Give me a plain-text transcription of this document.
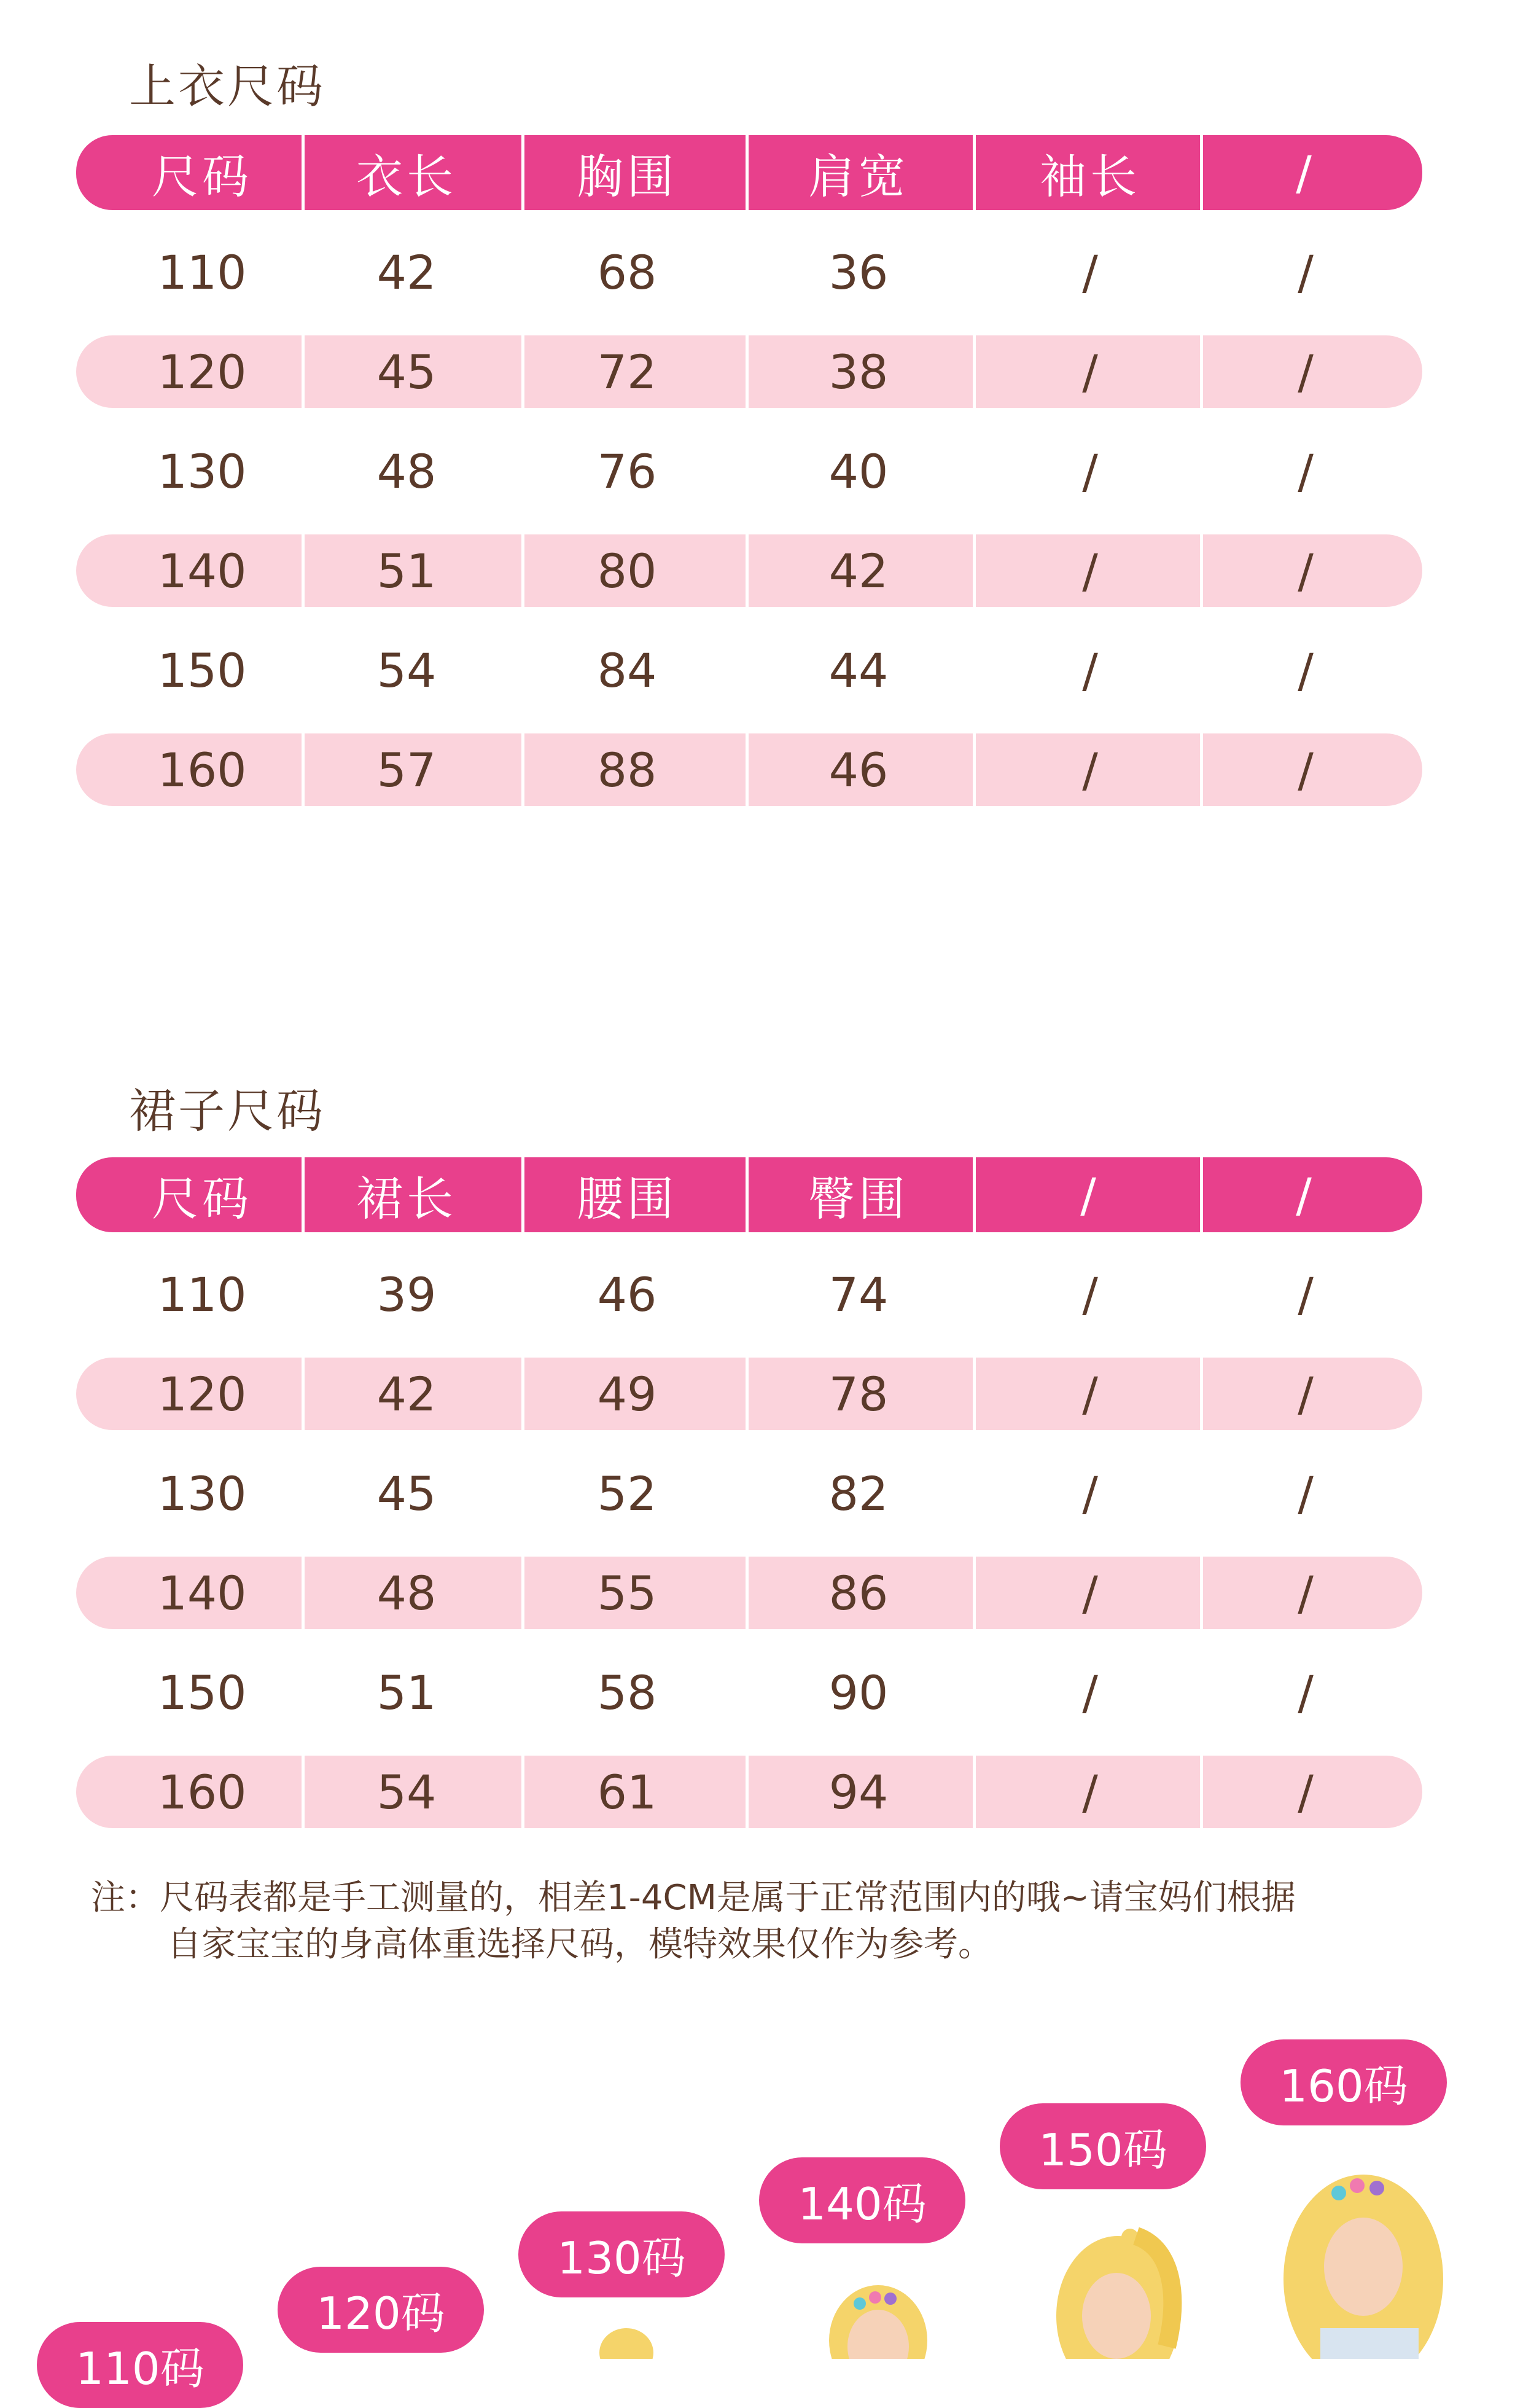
上衣尺码
尺码	衣长	胸围	肩宽	袖长	/
110	42	68	36	/	/
120	45	72	38	/	/
130	48	76	40	/	/
140	51	80	42	/	/
150	54	84	44	/	/
160	57	88	46	/	/
裙子尺码
尺码	裙长	腰围	臀围	/	/
110	39	46	74	/	/
120	42	49	78	/	/
130	45	52	82	/	/
140	48	55	86	/	/
150	51	58	90	/	/
160	54	61	94	/	/
注：尺码表都是手工测量的，相差1-4CM是属于正常范围内的哦~请宝妈们根据
自家宝宝的身高体重选择尺码，模特效果仅作为参考。
110码
120码
130码
140码
150码
160码
